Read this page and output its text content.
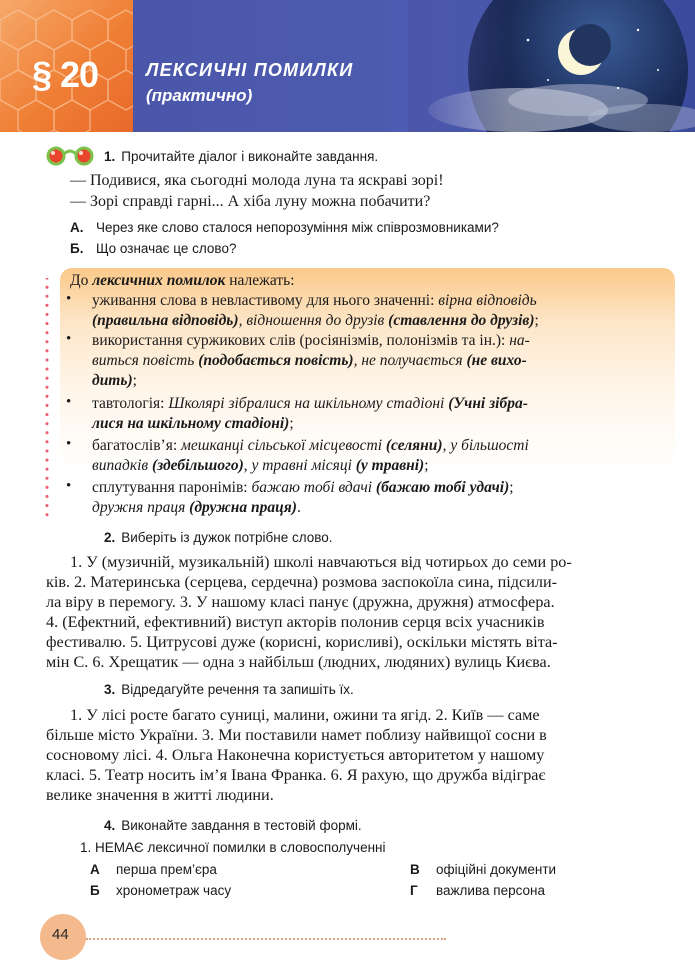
§ 20	ЛЕКСИЧНІ ПОМИЛКИ
(практично)
1. Прочитайте діалог і виконайте завдання.
— Подивися, яка сьогодні молода луна та яскраві зорі!
— Зорі справді гарні... А хіба луну можна побачити?
А. Через яке слово сталося непорозуміння між співрозмовниками?
Б. Що означає це слово?
До лексичних помилок належать:
• уживання слова в невластивому для нього значенні: вірна відповідь
(правильна відповідь), відношення до друзів (ставлення до друзів);
• використання суржикових слів (росіянізмів, полонізмів та ін.): на-
виться повість (подобається повість), не получається (не вихо-
дить);
• тавтологія: Школярі зібралися на шкільному стадіоні (Учні зібра-
лися на шкільному стадіоні);
• багатослів’я: мешканці сільської місцевості (селяни), у більшості
випадків (здебільшого), у травні місяці (у травні);
• сплутування паронімів: бажаю тобі вдачі (бажаю тобі удачі);
дружня праця (дружна праця).
2. Виберіть із дужок потрібне слово.
1. У (музичній, музикальній) школі навчаються від чотирьох до семи ро-
ків. 2. Материнська (серцева, сердечна) розмова заспокоїла сина, підсили-
ла віру в перемогу. 3. У нашому класі панує (дружна, дружня) атмосфера.
4. (Ефектний, ефективний) виступ акторів полонив серця всіх учасників
фестивалю. 5. Цитрусові дуже (корисні, корисливі), оскільки містять віта-
мін С. 6. Хрещатик — одна з найбільш (людних, людяних) вулиць Києва.
3. Відредагуйте речення та запишіть їх.
1. У лісі росте багато суниці, малини, ожини та ягід. 2. Київ — саме
більше місто України. 3. Ми поставили намет поблизу найвищої сосни в
сосновому лісі. 4. Ольга Наконечна користується авторитетом у нашому
класі. 5. Театр носить ім’я Івана Франка. 6. Я рахую, що дружба відіграє
велике значення в житті людини.
4. Виконайте завдання в тестовій формі.
1. НЕМАЄ лексичної помилки в словосполученні
А перша прем’єра
Б хронометраж часу
В офіційні документи
Г важлива персона
44
